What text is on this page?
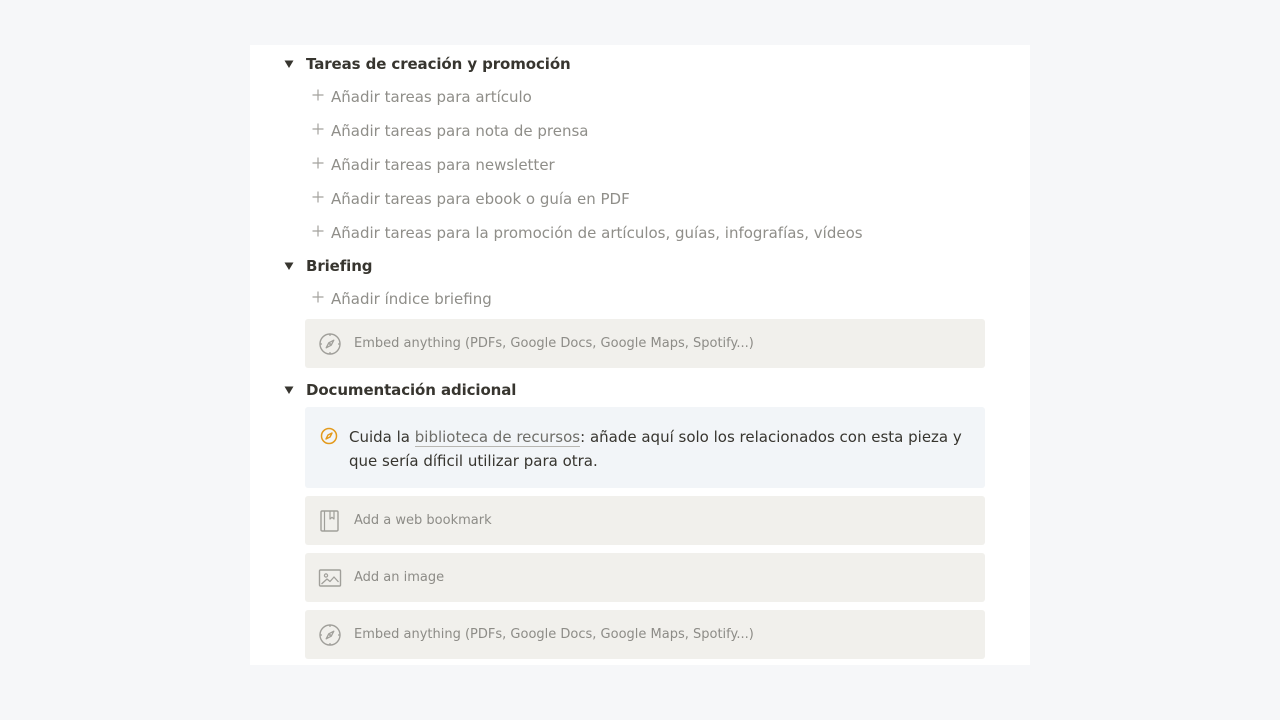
Tareas de creación y promoción
Añadir tareas para artículo
Añadir tareas para nota de prensa
Añadir tareas para newsletter
Añadir tareas para ebook o guía en PDF
Añadir tareas para la promoción de artículos, guías, infografías, vídeos
Briefing
Añadir índice briefing
Embed anything (PDFs, Google Docs, Google Maps, Spotify...)
Documentación adicional
Cuida la biblioteca de recursos: añade aquí solo los relacionados con esta pieza y que sería díficil utilizar para otra.
Add a web bookmark
Add an image
Embed anything (PDFs, Google Docs, Google Maps, Spotify...)
